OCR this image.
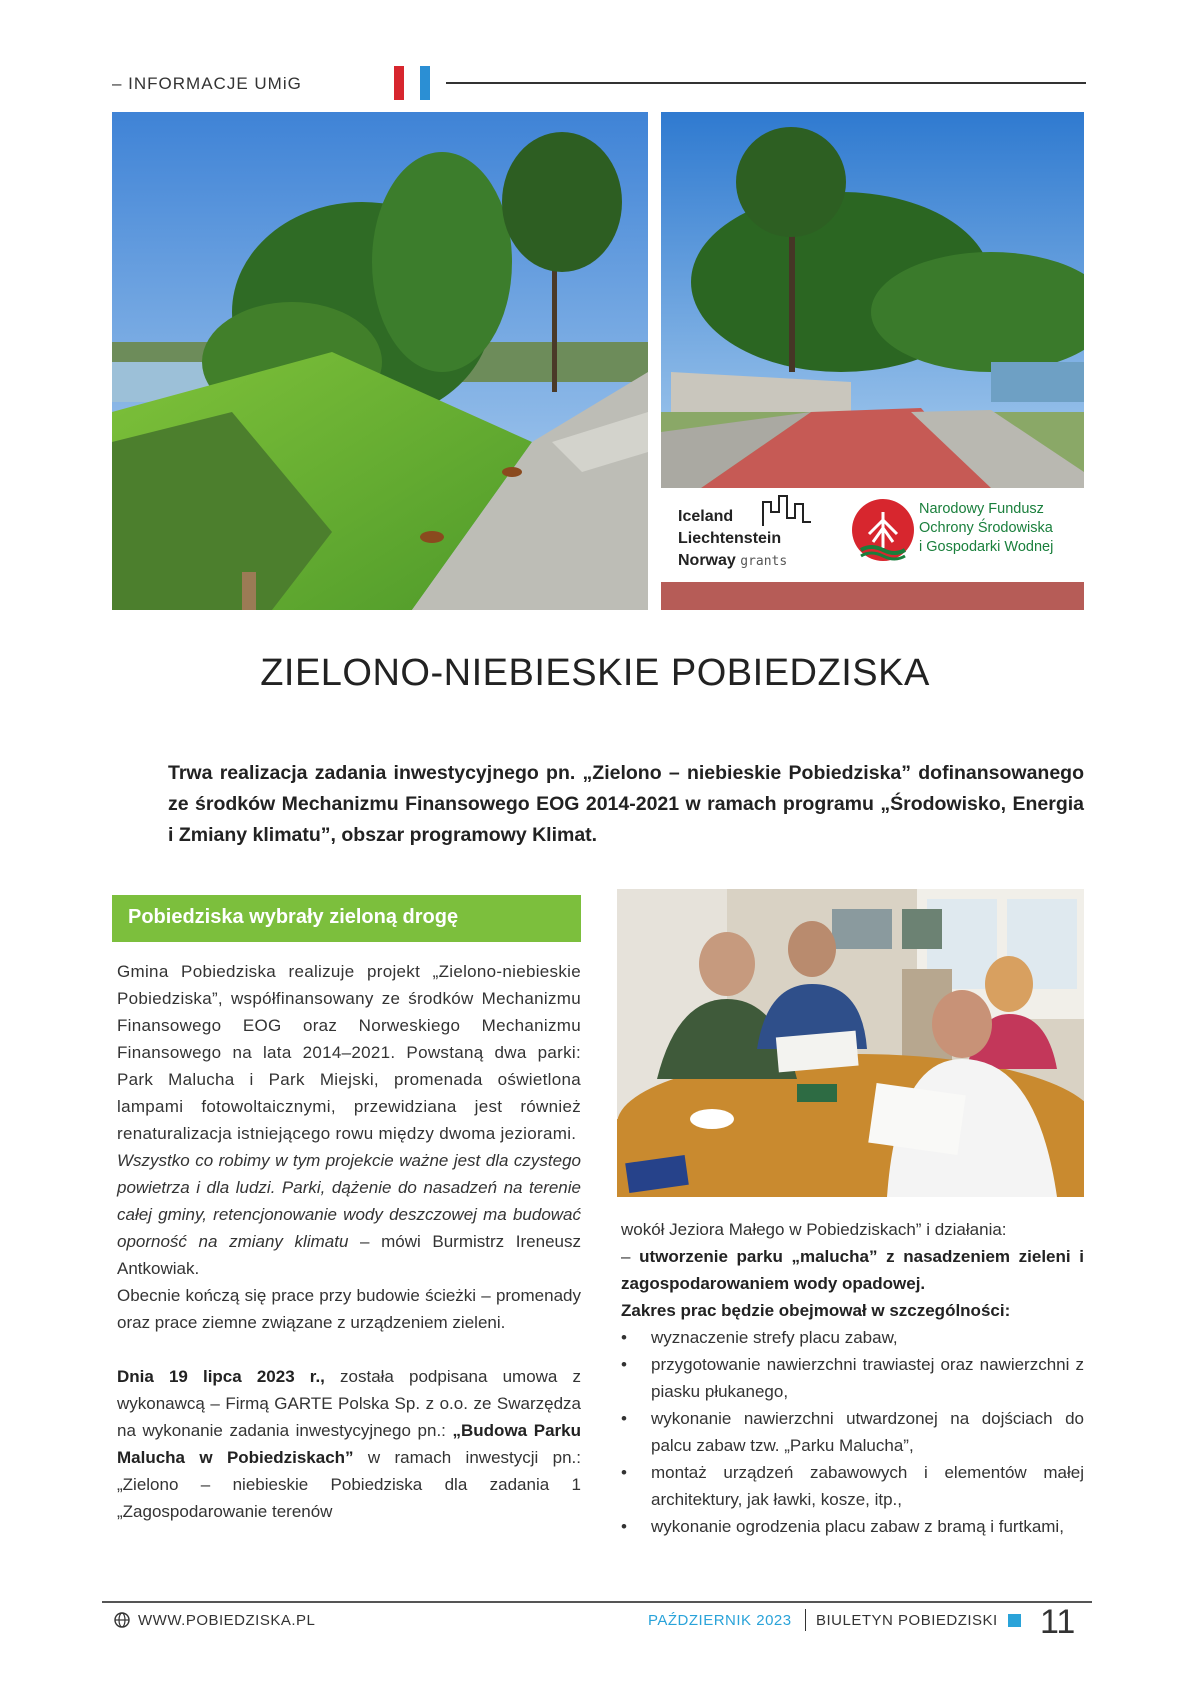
– INFORMACJE UMiG
Iceland
Liechtenstein
Norway grants
Narodowy Fundusz
Ochrony Środowiska
i Gospodarki Wodnej
ZIELONO-NIEBIESKIE POBIEDZISKA
Trwa realizacja zadania inwestycyjnego pn. „Zielono – niebieskie Pobiedziska” dofinansowanego ze środków Mechanizmu Finansowego EOG 2014-2021 w ramach programu „Środowisko, Energia i Zmiany klimatu”, obszar programowy Klimat.
Pobiedziska wybrały zieloną drogę

Gmina Pobiedziska realizuje projekt „Zielono-niebieskie Pobiedziska”, współfinansowany ze środków Mechanizmu Finansowego EOG oraz Norweskiego Mechanizmu Finansowego na lata 2014–2021. Powstaną dwa parki: Park Malucha i Park Miejski, promenada oświetlona lampami fotowoltaicznymi, przewidziana jest również renaturalizacja istniejącego rowu między dwoma jeziorami.

Wszystko co robimy w tym projekcie ważne jest dla czystego powietrza i dla ludzi. Parki, dążenie do nasadzeń na terenie całej gminy, retencjonowanie wody deszczowej ma budować oporność na zmiany klimatu – mówi Burmistrz Ireneusz Antkowiak.

Obecnie kończą się prace przy budowie ścieżki – promenady oraz prace ziemne związane z urządzeniem zieleni.

Dnia 19 lipca 2023 r., została podpisana umowa z wykonawcą – Firmą GARTE Polska Sp. z o.o. ze Swarzędza na wykonanie zadania inwestycyjnego pn.: „Budowa Parku Malucha w Pobiedziskach” w ramach inwestycji pn.: „Zielono – niebieskie Pobiedziska dla zadania 1 „Zagospodarowanie terenów

wokół Jeziora Małego w Pobiedziskach” i działania:

– utworzenie parku „malucha” z nasadzeniem zieleni i zagospodarowaniem wody opadowej.

Zakres prac będzie obejmował w szczególności:

• wyznaczenie strefy placu zabaw,
• przygotowanie nawierzchni trawiastej oraz nawierzchni z piasku płukanego,
• wykonanie nawierzchni utwardzonej na dojściach do palcu zabaw tzw. „Parku Malucha”,
• montaż urządzeń zabawowych i elementów małej architektury, jak ławki, kosze, itp.,
• wykonanie ogrodzenia placu zabaw z bramą i furtkami,
WWW.POBIEDZISKA.PL	PAŹDZIERNIK 2023 BIULETYN POBIEDZISKI 11
